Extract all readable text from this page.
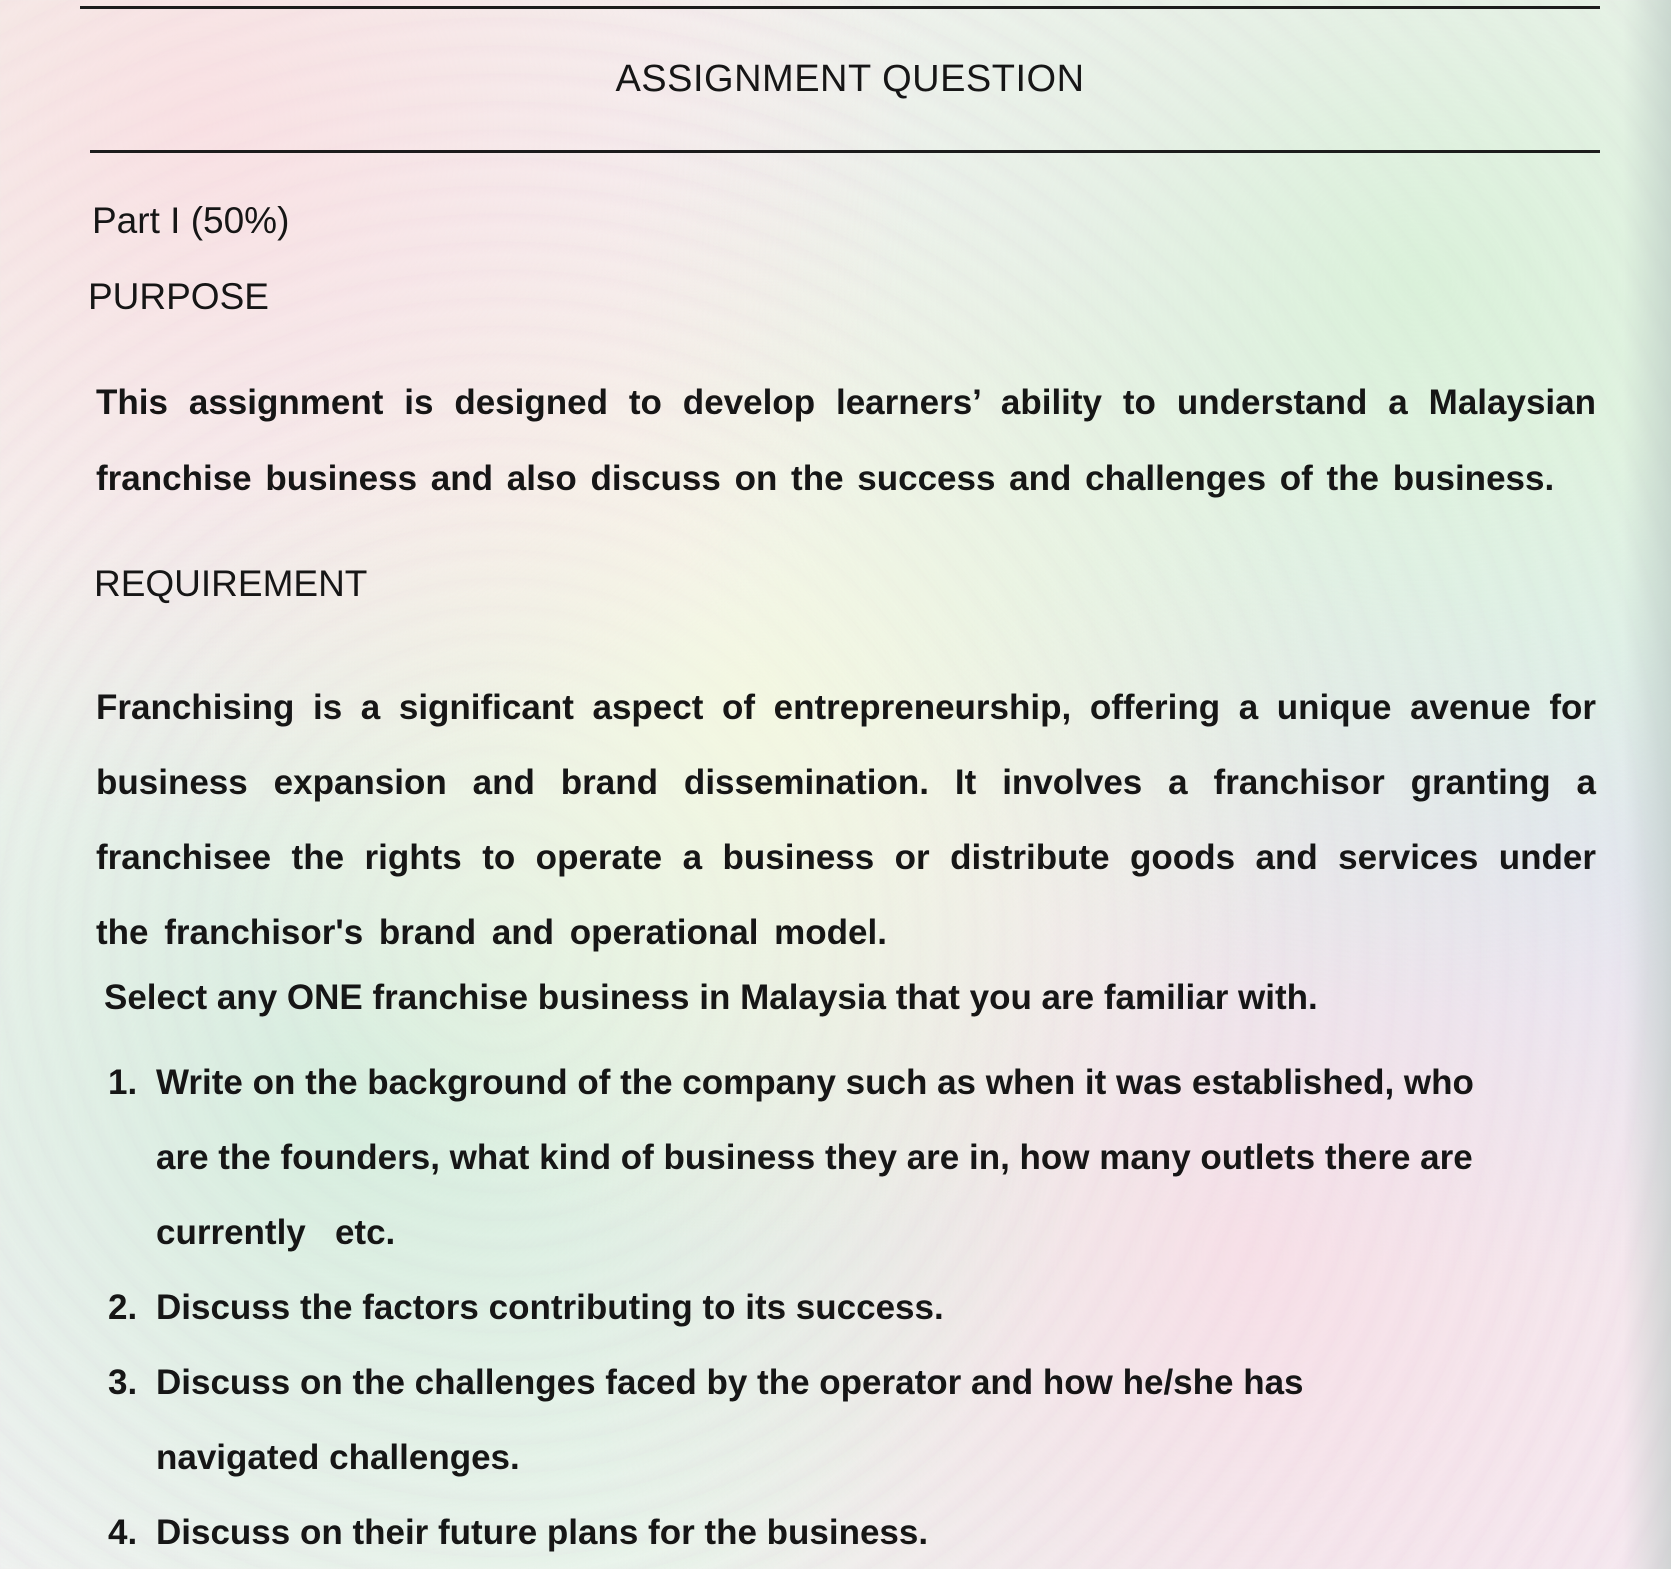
ASSIGNMENT QUESTION
Part I (50%)
PURPOSE
This assignment is designed to develop learners’ ability to understand a Malaysian franchise business and also discuss on the success and challenges of the business.
REQUIREMENT
Franchising is a significant aspect of entrepreneurship, offering a unique avenue for business expansion and brand dissemination. It involves a franchisor granting a franchisee the rights to operate a business or distribute goods and services under the franchisor's brand and operational model.
Select any ONE franchise business in Malaysia that you are familiar with.
1. Write on the background of the company such as when it was established, who are the founders, what kind of business they are in, how many outlets there are currently   etc.
2. Discuss the factors contributing to its success.
3. Discuss on the challenges faced by the operator and how he/she has navigated challenges.
4. Discuss on their future plans for the business.
